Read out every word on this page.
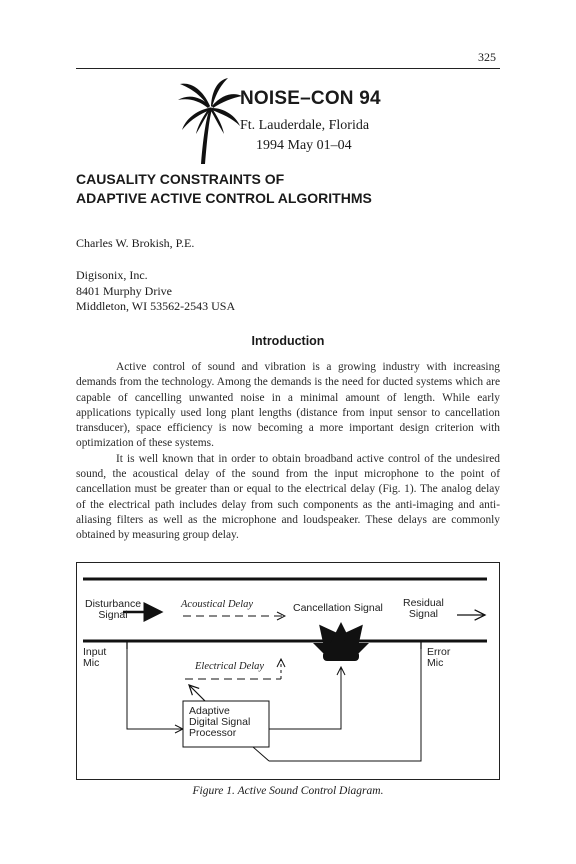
325
NOISE–CON 94
Ft. Lauderdale, Florida
1994 May 01–04
CAUSALITY CONSTRAINTS OF
ADAPTIVE ACTIVE CONTROL ALGORITHMS
Charles W. Brokish, P.E.
Digisonix, Inc.
8401 Murphy Drive
Middleton, WI 53562-2543 USA
Introduction

Active control of sound and vibration is a growing industry with increasing demands from the technology. Among the demands is the need for ducted systems which are capable of cancelling unwanted noise in a minimal amount of length. While early applications typically used long plant lengths (distance from input sensor to cancellation transducer), space efficiency is now becoming a more important design criterion with optimization of these systems.

It is well known that in order to obtain broadband active control of the undesired sound, the acoustical delay of the sound from the input microphone to the point of cancellation must be greater than or equal to the electrical delay (Fig. 1). The analog delay of the electrical path includes delay from such components as the anti-imaging and anti-aliasing filters as well as the microphone and loudspeaker. These delays are commonly obtained by measuring group delay.

Disturbance
Signal
Acoustical Delay	Cancellation Signal Residual
Signal
Input
Mic
Error
Mic
Electrical Delay
Adaptive
Digital Signal
Processor
Figure 1. Active Sound Control Diagram.
